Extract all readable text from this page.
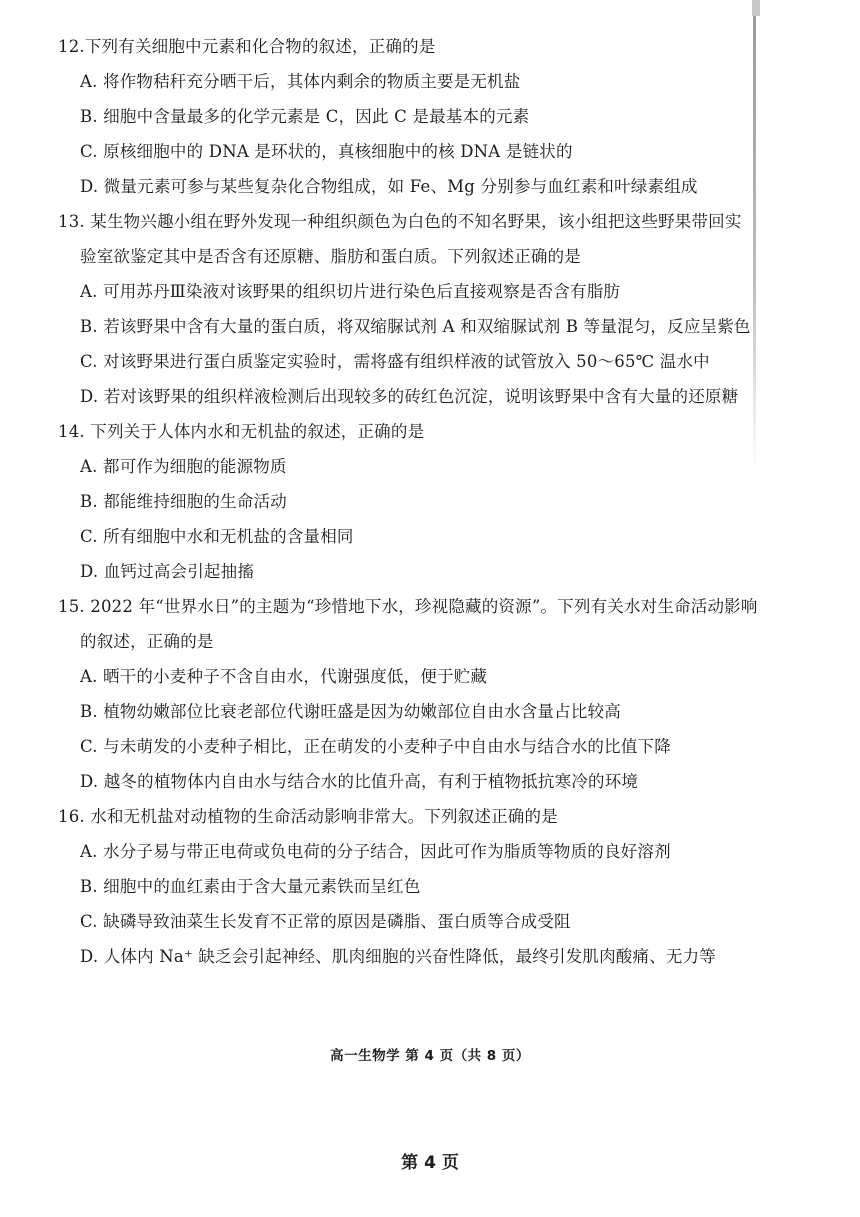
12.下列有关细胞中元素和化合物的叙述，正确的是
A. 将作物秸秆充分晒干后，其体内剩余的物质主要是无机盐
B. 细胞中含量最多的化学元素是 C，因此 C 是最基本的元素
C. 原核细胞中的 DNA 是环状的，真核细胞中的核 DNA 是链状的
D. 微量元素可参与某些复杂化合物组成，如 Fe、Mg 分别参与血红素和叶绿素组成
13. 某生物兴趣小组在野外发现一种组织颜色为白色的不知名野果，该小组把这些野果带回实
验室欲鉴定其中是否含有还原糖、脂肪和蛋白质。下列叙述正确的是
A. 可用苏丹Ⅲ染液对该野果的组织切片进行染色后直接观察是否含有脂肪
B. 若该野果中含有大量的蛋白质，将双缩脲试剂 A 和双缩脲试剂 B 等量混匀，反应呈紫色
C. 对该野果进行蛋白质鉴定实验时，需将盛有组织样液的试管放入 50～65℃ 温水中
D. 若对该野果的组织样液检测后出现较多的砖红色沉淀，说明该野果中含有大量的还原糖
14. 下列关于人体内水和无机盐的叙述，正确的是
A. 都可作为细胞的能源物质
B. 都能维持细胞的生命活动
C. 所有细胞中水和无机盐的含量相同
D. 血钙过高会引起抽搐
15. 2022 年“世界水日”的主题为“珍惜地下水，珍视隐藏的资源”。下列有关水对生命活动影响
的叙述，正确的是
A. 晒干的小麦种子不含自由水，代谢强度低，便于贮藏
B. 植物幼嫩部位比衰老部位代谢旺盛是因为幼嫩部位自由水含量占比较高
C. 与未萌发的小麦种子相比，正在萌发的小麦种子中自由水与结合水的比值下降
D. 越冬的植物体内自由水与结合水的比值升高，有利于植物抵抗寒冷的环境
16. 水和无机盐对动植物的生命活动影响非常大。下列叙述正确的是
A. 水分子易与带正电荷或负电荷的分子结合，因此可作为脂质等物质的良好溶剂
B. 细胞中的血红素由于含大量元素铁而呈红色
C. 缺磷导致油菜生长发育不正常的原因是磷脂、蛋白质等合成受阻
D. 人体内 Na⁺ 缺乏会引起神经、肌肉细胞的兴奋性降低，最终引发肌肉酸痛、无力等
高一生物学 第 4 页（共 8 页）
第 4 页
